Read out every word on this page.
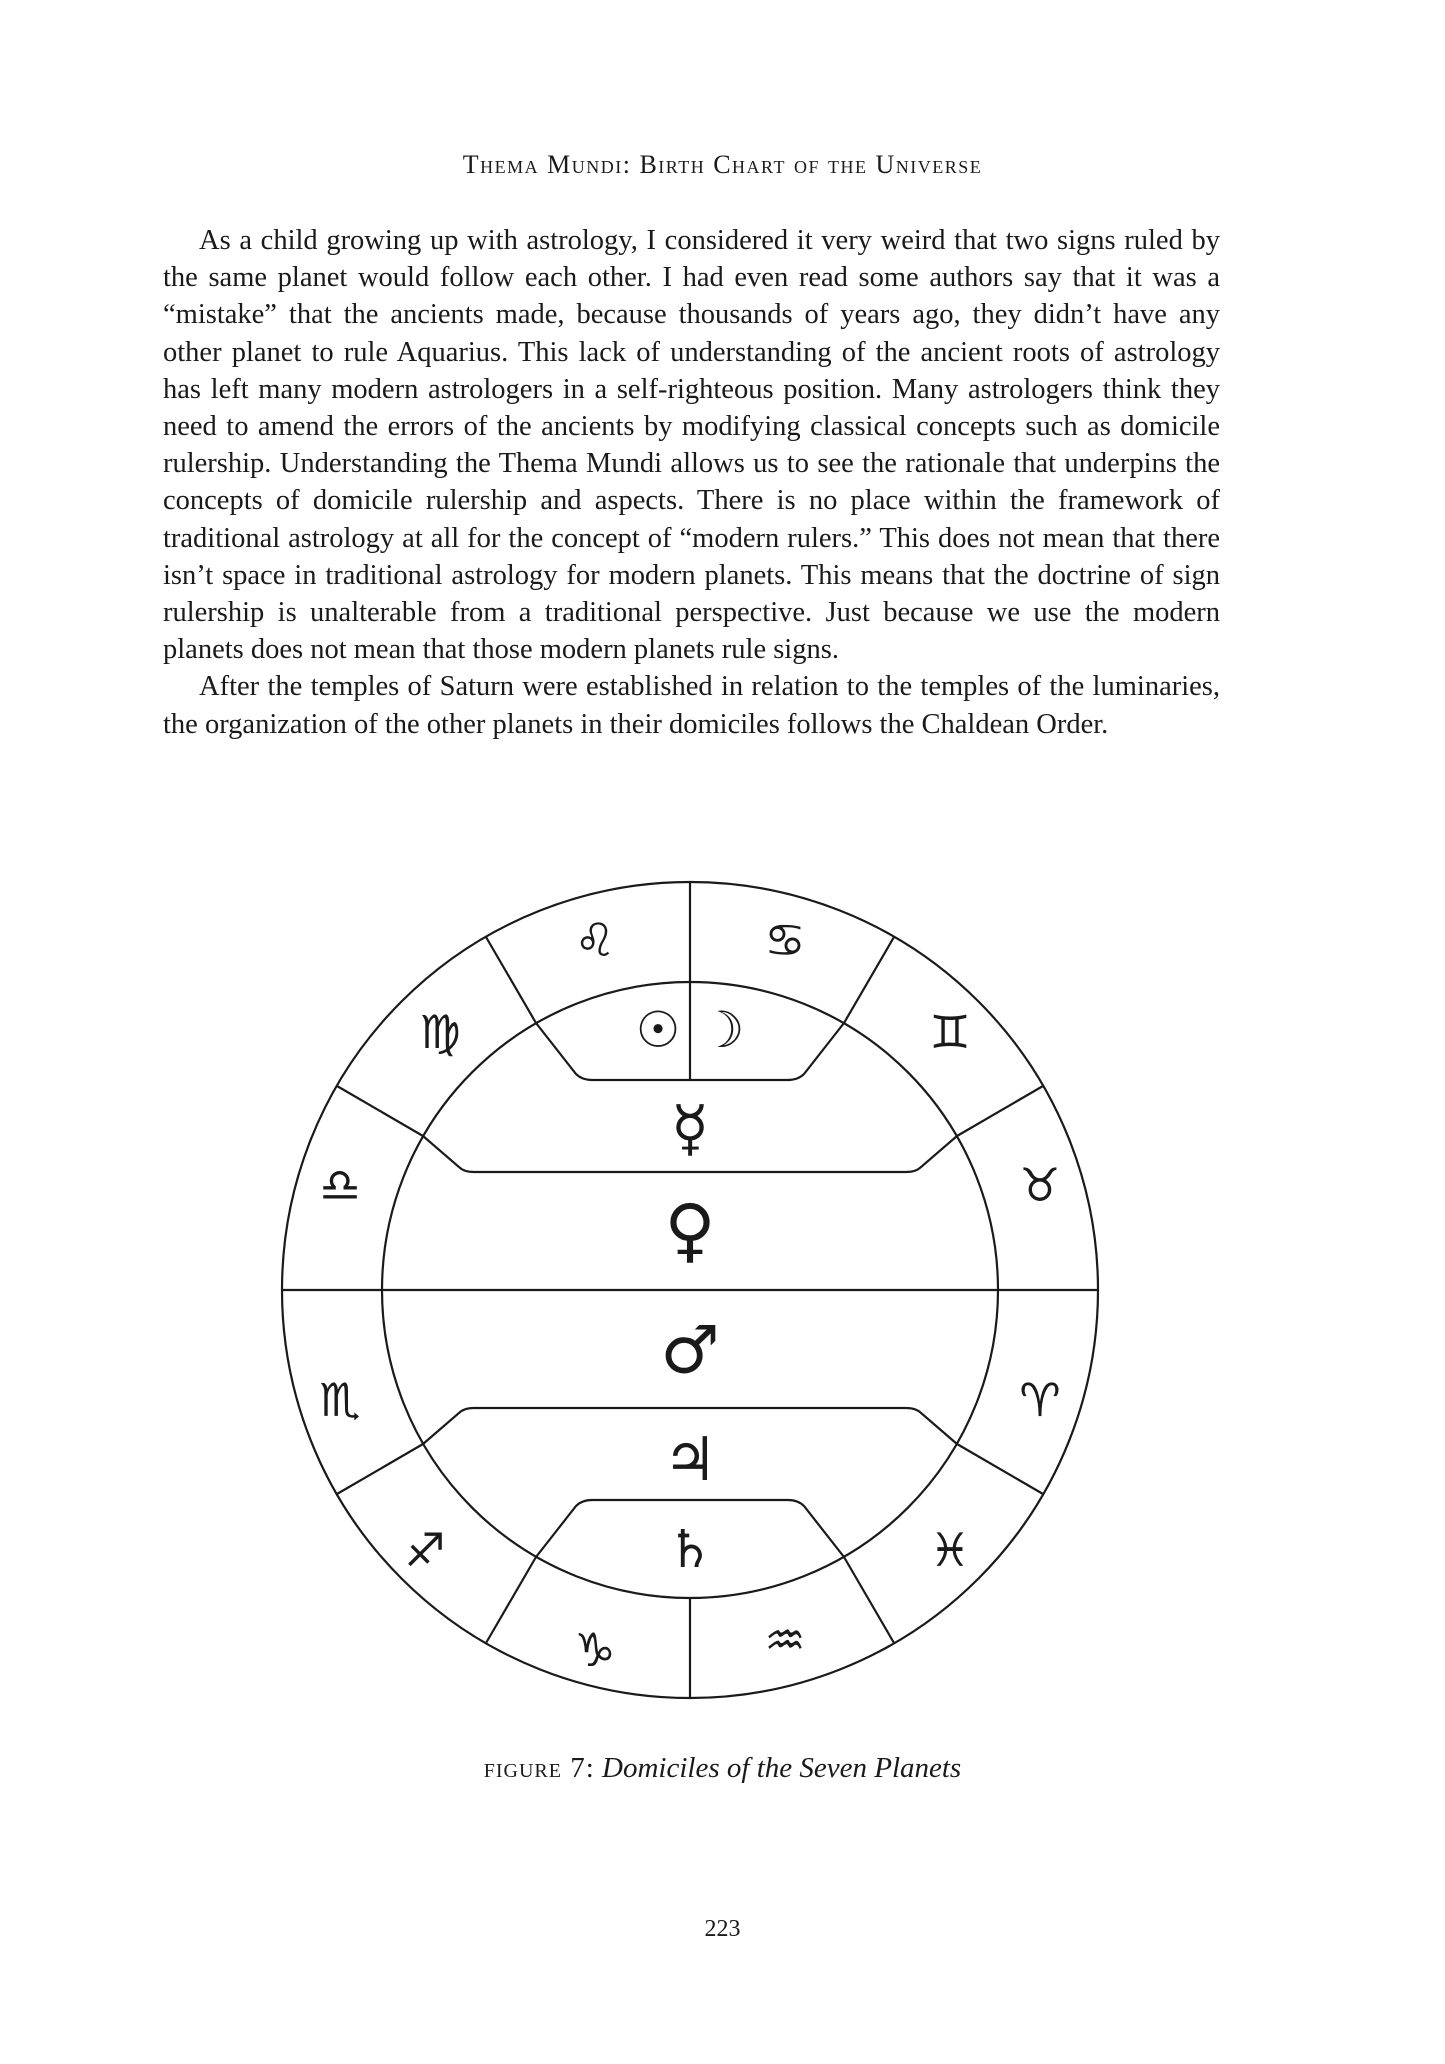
Thema Mundi: Birth Chart of the Universe

As a child growing up with astrology, I considered it very weird that two signs ruled by the same planet would follow each other. I had even read some authors say that it was a “mistake” that the ancients made, because thousands of years ago, they didn’t have any other planet to rule Aquarius. This lack of understanding of the ancient roots of astrology has left many modern astrologers in a self-righteous position. Many astrologers think they need to amend the errors of the ancients by modifying classical concepts such as domicile rulership. Understanding the Thema Mundi allows us to see the rationale that underpins the concepts of domicile rulership and aspects. There is no place within the framework of traditional astrology at all for the concept of “modern rulers.” This does not mean that there isn’t space in traditional astrology for modern planets. This means that the doctrine of sign rulership is unalterable from a traditional perspective. Just because we use the modern planets does not mean that those modern planets rule signs.

After the temples of Saturn were established in relation to the temples of the luminaries, the organization of the other planets in their domiciles follows the Chaldean Order.

♌	♋
♍	♊
♎	♉
♏	♈
♐	♓
♑	♒
☉ ☽
☿
♀
♂
♃
♄
figure 7: Domiciles of the Seven Planets
223
